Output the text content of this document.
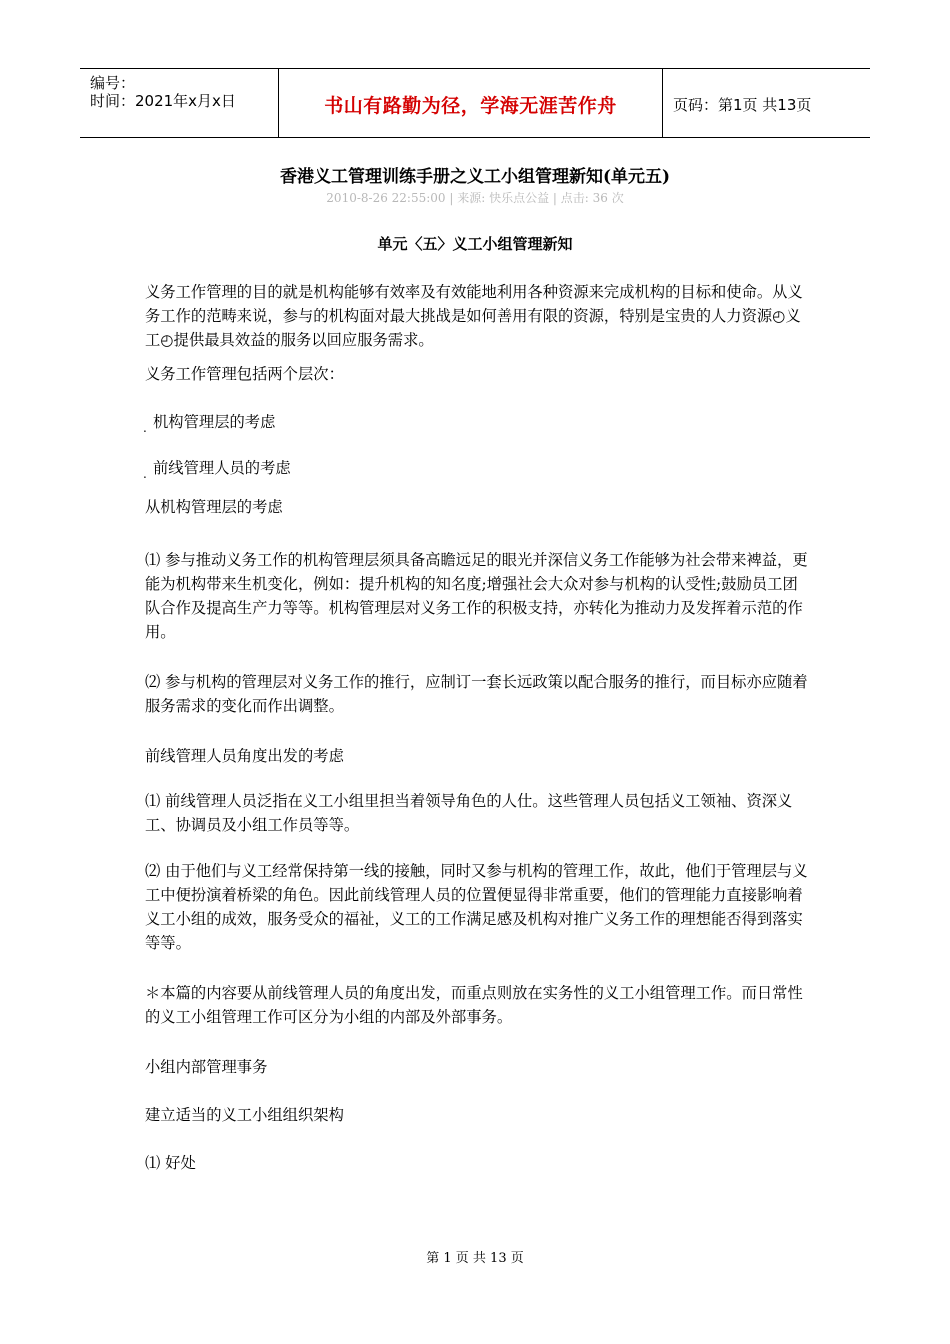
编号：
时间：2021年x月x日	书山有路勤为径，学海无涯苦作舟	页码：第1页 共13页
香港义工管理训练手册之义工小组管理新知(单元五)
2010-8-26 22:55:00 | 来源: 快乐点公益 | 点击: 36 次
单元〈五〉义工小组管理新知

义务工作管理的目的就是机构能够有效率及有效能地利用各种资源来完成机构的目标和使命。从义务工作的范畴来说，参与的机构面对最大挑战是如何善用有限的资源，特别是宝贵的人力资源◴义工◴提供最具效益的服务以回应服务需求。

义务工作管理包括两个层次：

. 机构管理层的考虑

. 前线管理人员的考虑

从机构管理层的考虑

⑴ 参与推动义务工作的机构管理层须具备高瞻远足的眼光并深信义务工作能够为社会带来裨益，更能为机构带来生机变化，例如：提升机构的知名度;增强社会大众对参与机构的认受性;鼓励员工团队合作及提高生产力等等。机构管理层对义务工作的积极支持，亦转化为推动力及发挥着示范的作用。

⑵ 参与机构的管理层对义务工作的推行，应制订一套长远政策以配合服务的推行，而目标亦应随着服务需求的变化而作出调整。

前线管理人员角度出发的考虑

⑴ 前线管理人员泛指在义工小组里担当着领导角色的人仕。这些管理人员包括义工领袖、资深义工、协调员及小组工作员等等。

⑵ 由于他们与义工经常保持第一线的接触，同时又参与机构的管理工作，故此，他们于管理层与义工中便扮演着桥梁的角色。因此前线管理人员的位置便显得非常重要，他们的管理能力直接影响着义工小组的成效，服务受众的福祉，义工的工作满足感及机构对推广义务工作的理想能否得到落实等等。

＊本篇的内容要从前线管理人员的角度出发，而重点则放在实务性的义工小组管理工作。而日常性的义工小组管理工作可区分为小组的内部及外部事务。

小组内部管理事务

建立适当的义工小组组织架构

⑴ 好处

第 1 页 共 13 页
